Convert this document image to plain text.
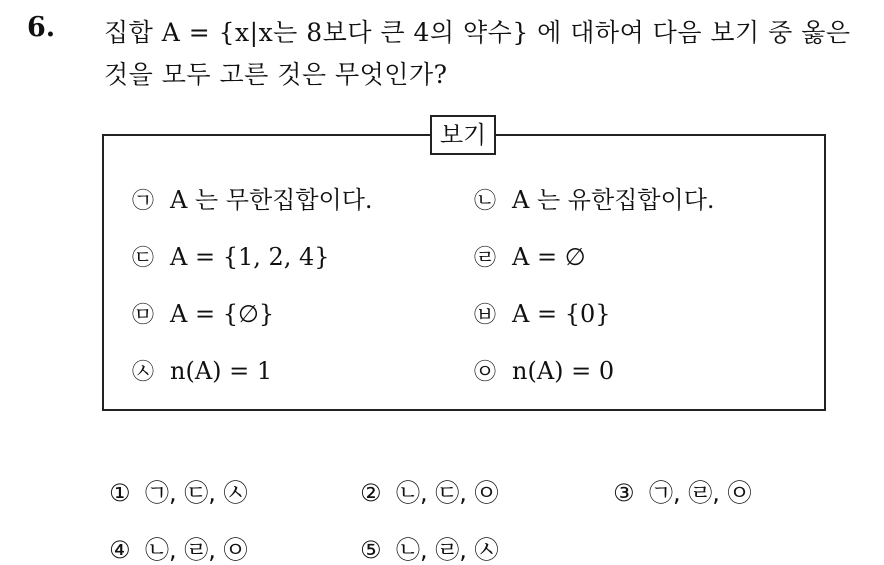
6. 집합 A = {x|x는 8보다 큰 4의 약수} 에 대하여 다음 보기 중 옳은
것을 모두 고른 것은 무엇인가?
보기
㉠ A 는 무한집합이다.	㉡ A 는 유한집합이다.
㉢ A = {1, 2, 4}	㉣ A = ∅
㉤ A = {∅}	㉥ A = {0}
㉦ n(A) = 1	㉧ n(A) = 0
① ㉠, ㉢, ㉦	② ㉡, ㉢, ㉧	③ ㉠, ㉣, ㉧
④ ㉡, ㉣, ㉧	⑤ ㉡, ㉣, ㉦
